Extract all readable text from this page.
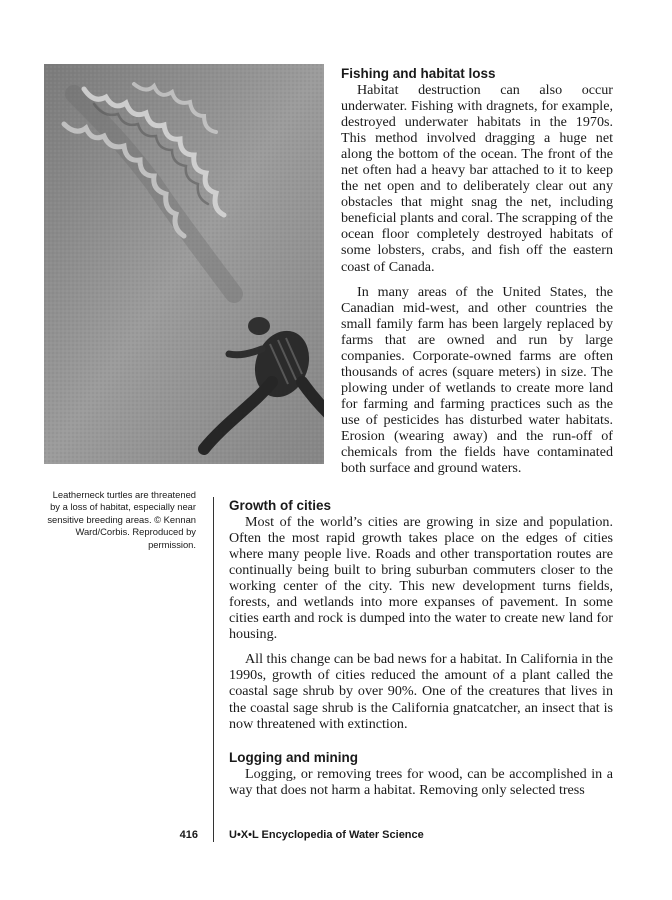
Leatherneck turtles are threatened by a loss of habitat, especially near sensitive breeding areas. © Kennan Ward/Corbis. Reproduced by permission.
Fishing and habitat loss

Habitat destruction can also occur underwater. Fishing with dragnets, for example, destroyed underwater habitats in the 1970s. This method involved dragging a huge net along the bottom of the ocean. The front of the net often had a heavy bar attached to it to keep the net open and to deliberately clear out any obstacles that might snag the net, including beneficial plants and coral. The scrapping of the ocean floor completely destroyed habitats of some lobsters, crabs, and fish off the eastern coast of Canada.

In many areas of the United States, the Canadian mid-west, and other countries the small family farm has been largely replaced by farms that are owned and run by large companies. Corporate-owned farms are often thousands of acres (square meters) in size. The plowing under of wetlands to create more land for farming and farming practices such as the use of pesticides has disturbed water habitats. Erosion (wearing away) and the run-off of chemicals from the fields have contaminated both surface and ground waters.

Growth of cities

Most of the world’s cities are growing in size and population. Often the most rapid growth takes place on the edges of cities where many people live. Roads and other transportation routes are continually being built to bring suburban commuters closer to the working center of the city. This new development turns fields, forests, and wetlands into more expanses of pavement. In some cities earth and rock is dumped into the water to create new land for housing.

All this change can be bad news for a habitat. In California in the 1990s, growth of cities reduced the amount of a plant called the coastal sage shrub by over 90%. One of the creatures that lives in the coastal sage shrub is the California gnatcatcher, an insect that is now threatened with extinction.

Logging and mining

Logging, or removing trees for wood, can be accomplished in a way that does not harm a habitat. Removing only selected tress

416	U•X•L Encyclopedia of Water Science
